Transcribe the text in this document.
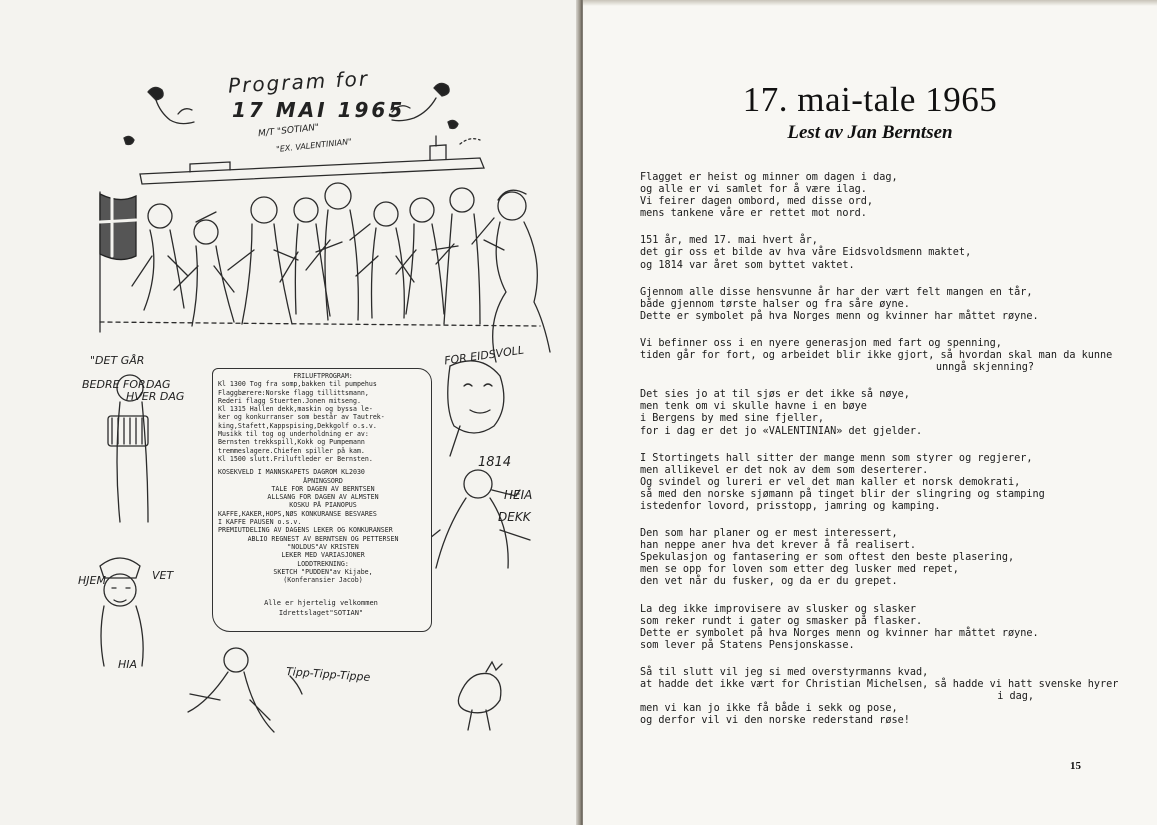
Program for
17 MAI 1965
M/T "SOTIAN"
"EX. VALENTINIAN"
"DET GÅR
BEDRE FOR DAG
HVER DAG
FOR EIDSVOLL
1814
HEIA
DEKK
HJEM	VET
HIA
Tipp-Tipp-Tippe
FRILUFTPROGRAM:
Kl 1300 Tog fra somp,bakken til pumpehus
Flaggbærere:Norske flagg tillittsmann,
Rederi flagg Stuerten.Jonen mitseng.
Kl 1315 Hallen dekk,maskin og byssa le-
ker og konkurranser som består av Tautrek-
king,Stafett,Kappspising,Dekkgolf o.s.v.
Musikk til tog og underholdning er av:
Bernsten trekkspill,Kokk og Pumpemann
tremmeslagere.Chiefen spiller på kam.
Kl 1500 slutt.Friluftleder er Bernsten.
KOSEKVELD I MANNSKAPETS DAGROM KL2030
ÅPNINGSORD
TALE FOR DAGEN AV BERNTSEN
ALLSANG FOR DAGEN AV ALMSTEN
KOSKU PÅ PIANOPUS
KAFFE,KAKER,HOPS,NØS KONKURANSE BESVARES
I KAFFE PAUSEN o.s.v.
PREMIUTDELING AV DAGENS LEKER OG KONKURANSER
ABLIO REGNEST AV BERNTSEN OG PETTERSEN
"NOLDUS"AV KRISTEN
LEKER MED VARIASJONER
LODDTREKNING:
SKETCH "PUDDEN"av Kijabe,
(Konferansier Jacob)
Alle er hjertelig velkommen
Idrettslaget"SOTIAN"
17. mai-tale 1965
Lest av Jan Berntsen
Flagget er heist og minner om dagen i dag,
og alle er vi samlet for å være ilag.
Vi feirer dagen ombord, med disse ord,
mens tankene våre er rettet mot nord.
151 år, med 17. mai hvert år,
det gir oss et bilde av hva våre Eidsvoldsmenn maktet,
og 1814 var året som byttet vaktet.
Gjennom alle disse hensvunne år har der vært felt mangen en tår,
både gjennom tørste halser og fra såre øyne.
Dette er symbolet på hva Norges menn og kvinner har måttet røyne.
Vi befinner oss i en nyere generasjon med fart og spenning,
tiden går for fort, og arbeidet blir ikke gjort, så hvordan skal man da kunne
unngå skjenning?
Det sies jo at til sjøs er det ikke så nøye,
men tenk om vi skulle havne i en bøye
i Bergens by med sine fjeller,
for i dag er det jo «VALENTINIAN» det gjelder.
I Stortingets hall sitter der mange menn som styrer og regjerer,
men allikevel er det nok av dem som deserterer.
Og svindel og lureri er vel det man kaller et norsk demokrati,
så med den norske sjømann på tinget blir der slingring og stamping
istedenfor lovord, prisstopp, jamring og kamping.
Den som har planer og er mest interessert,
han neppe aner hva det krever å få realisert.
Spekulasjon og fantasering er som oftest den beste plasering,
men se opp for loven som etter deg lusker med repet,
den vet når du fusker, og da er du grepet.
La deg ikke improvisere av slusker og slasker
som reker rundt i gater og smasker på flasker.
Dette er symbolet på hva Norges menn og kvinner har måttet røyne.
som lever på Statens Pensjonskasse.
Så til slutt vil jeg si med overstyrmanns kvad,
at hadde det ikke vært for Christian Michelsen, så hadde vi hatt svenske hyrer
i dag,
men vi kan jo ikke få både i sekk og pose,
og derfor vil vi den norske rederstand røse!
15
